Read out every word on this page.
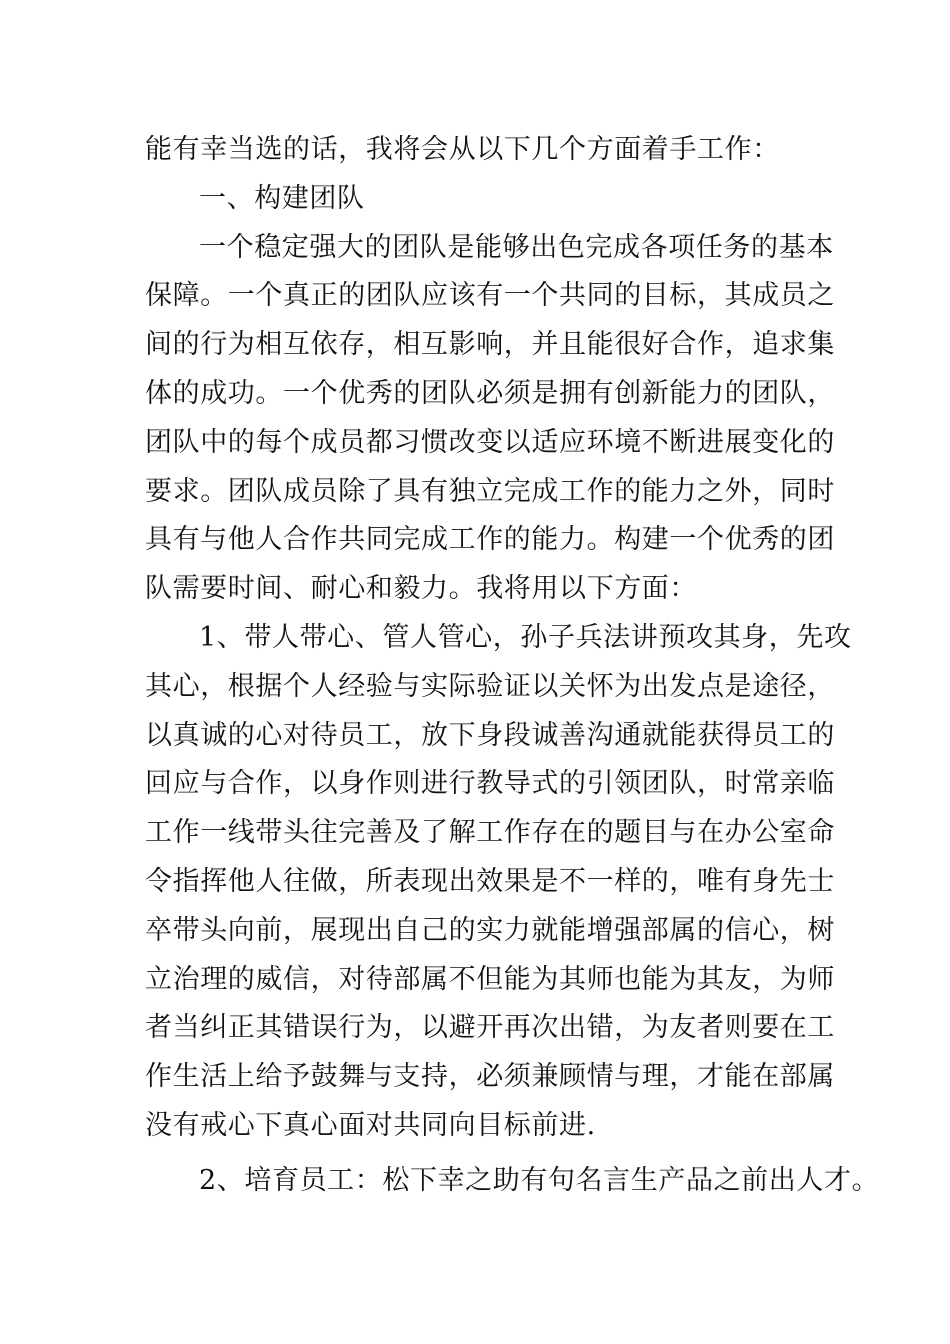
能有幸当选的话，我将会从以下几个方面着手工作：
一、构建团队
一个稳定强大的团队是能够出色完成各项任务的基本
保障。一个真正的团队应该有一个共同的目标，其成员之
间的行为相互依存，相互影响，并且能很好合作，追求集
体的成功。一个优秀的团队必须是拥有创新能力的团队，
团队中的每个成员都习惯改变以适应环境不断进展变化的
要求。团队成员除了具有独立完成工作的能力之外，同时
具有与他人合作共同完成工作的能力。构建一个优秀的团
队需要时间、耐心和毅力。我将用以下方面：
1、带人带心、管人管心，孙子兵法讲预攻其身，先攻
其心，根据个人经验与实际验证以关怀为出发点是途径，
以真诚的心对待员工，放下身段诚善沟通就能获得员工的
回应与合作，以身作则进行教导式的引领团队，时常亲临
工作一线带头往完善及了解工作存在的题目与在办公室命
令指挥他人往做，所表现出效果是不一样的，唯有身先士
卒带头向前，展现出自己的实力就能增强部属的信心，树
立治理的威信，对待部属不但能为其师也能为其友，为师
者当纠正其错误行为，以避开再次出错，为友者则要在工
作生活上给予鼓舞与支持，必须兼顾情与理，才能在部属
没有戒心下真心面对共同向目标前进.
2、培育员工：松下幸之助有句名言生产品之前出人才。
